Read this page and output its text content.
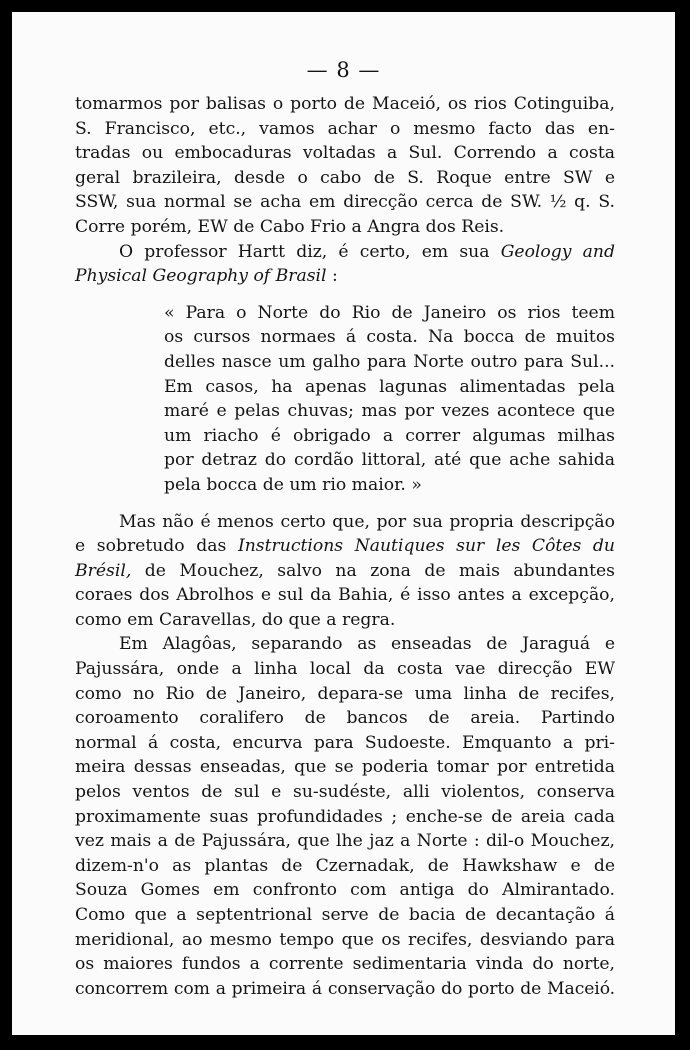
— 8 —
tomarmos por balisas o porto de Maceió, os rios Cotinguiba,
S. Francisco, etc., vamos achar o mesmo facto das en-
tradas ou embocaduras voltadas a Sul. Correndo a costa
geral brazileira, desde o cabo de S. Roque entre SW e
SSW, sua normal se acha em direcção cerca de SW. ½ q. S.
Corre porém, EW de Cabo Frio a Angra dos Reis.
O professor Hartt diz, é certo, em sua Geology and
Physical Geography of Brasil :
« Para o Norte do Rio de Janeiro os rios teem
os cursos normaes á costa. Na bocca de muitos
delles nasce um galho para Norte outro para Sul...
Em casos, ha apenas lagunas alimentadas pela
maré e pelas chuvas; mas por vezes acontece que
um riacho é obrigado a correr algumas milhas
por detraz do cordão littoral, até que ache sahida
pela bocca de um rio maior. »
Mas não é menos certo que, por sua propria descripção
e sobretudo das Instructions Nautiques sur les Côtes du
Brésil, de Mouchez, salvo na zona de mais abundantes
coraes dos Abrolhos e sul da Bahia, é isso antes a excepção,
como em Caravellas, do que a regra.
Em Alagôas, separando as enseadas de Jaraguá e
Pajussára, onde a linha local da costa vae direcção EW
como no Rio de Janeiro, depara-se uma linha de recifes,
coroamento coralifero de bancos de areia. Partindo
normal á costa, encurva para Sudoeste. Emquanto a pri-
meira dessas enseadas, que se poderia tomar por entretida
pelos ventos de sul e su-sudéste, alli violentos, conserva
proximamente suas profundidades ; enche-se de areia cada
vez mais a de Pajussára, que lhe jaz a Norte : dil-o Mouchez,
dizem-n'o as plantas de Czernadak, de Hawkshaw e de
Souza Gomes em confronto com antiga do Almirantado.
Como que a septentrional serve de bacia de decantação á
meridional, ao mesmo tempo que os recifes, desviando para
os maiores fundos a corrente sedimentaria vinda do norte,
concorrem com a primeira á conservação do porto de Maceió.
